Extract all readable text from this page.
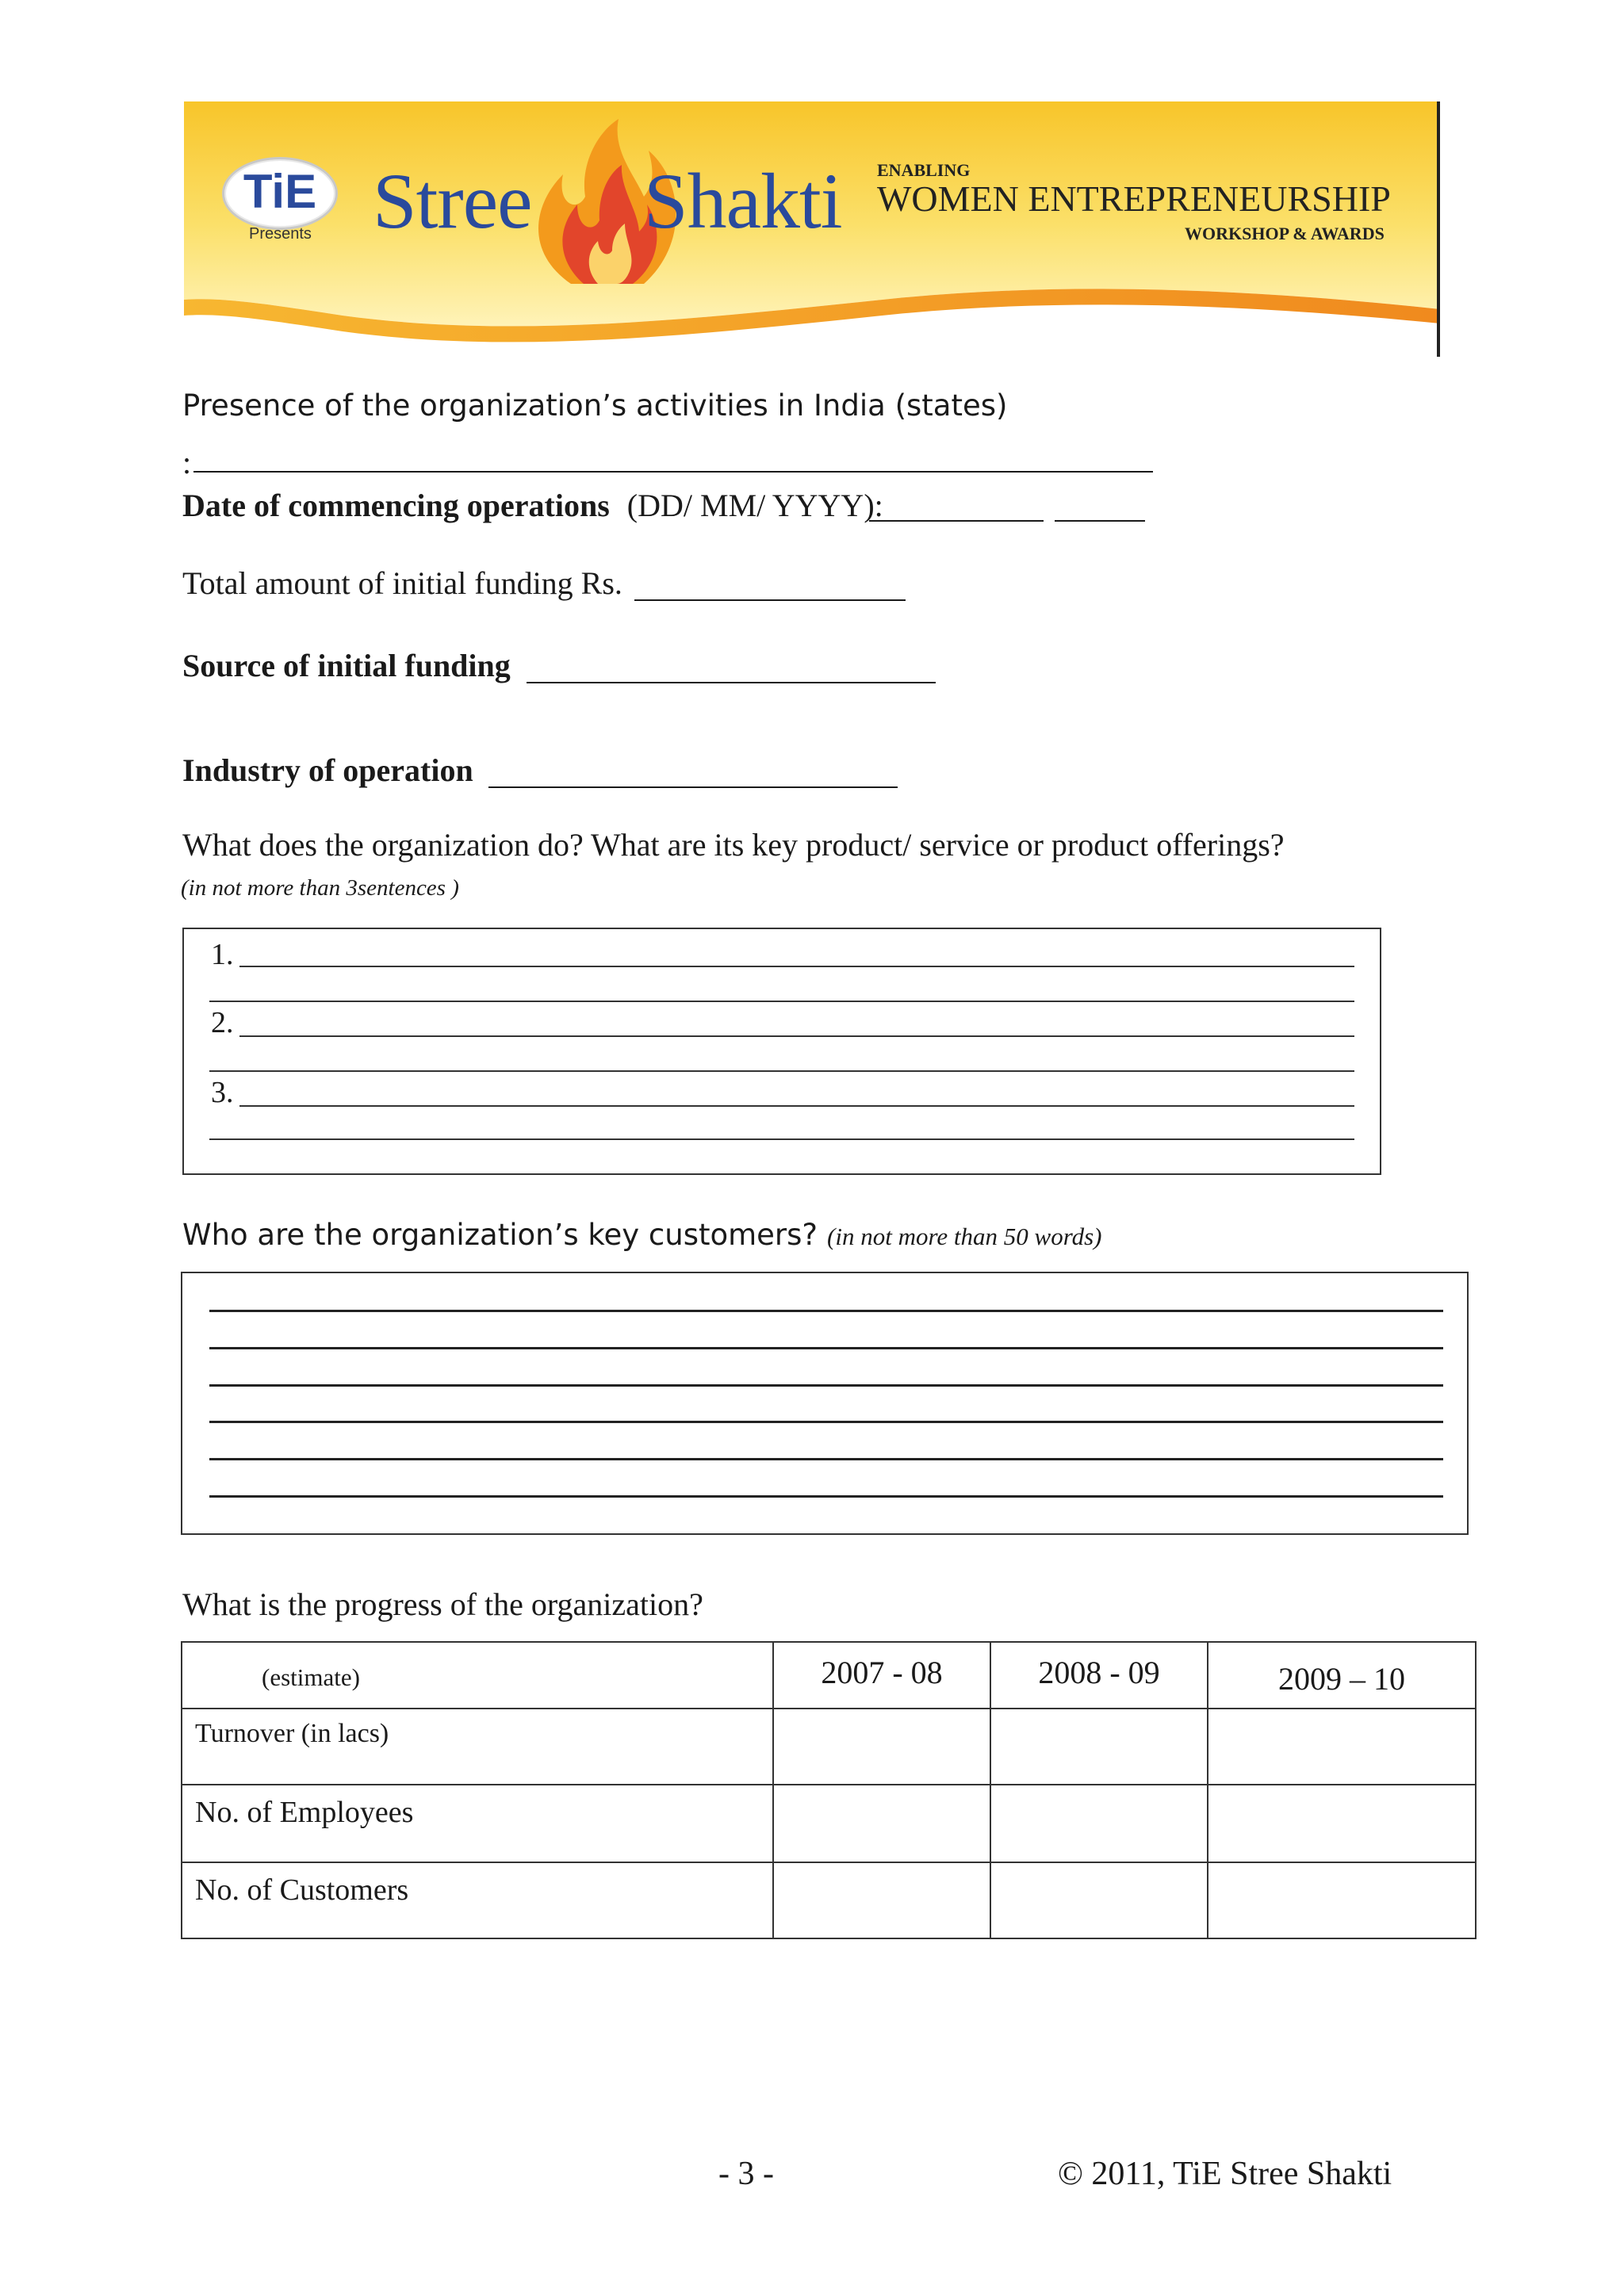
TiE
Presents Stree Shakti ENABLING
WOMEN ENTREPRENEURSHIP
WORKSHOP & AWARDS
Presence of the organization’s activities in India (states)
:
Date of commencing operations (DD/ MM/ YYYY):
Total amount of initial funding Rs.
Source of initial funding
Industry of operation
What does the organization do? What are its key product/ service or product offerings?
(in not more than 3sentences )
1.
2.
3.
Who are the organization’s key customers? (in not more than 50 words)
What is the progress of the organization?
(estimate)	2007 - 08	2008 - 09	2009 – 10

Turnover (in lacs)			

No. of Employees			

No. of Customers			

- 3 -	© 2011, TiE Stree Shakti
